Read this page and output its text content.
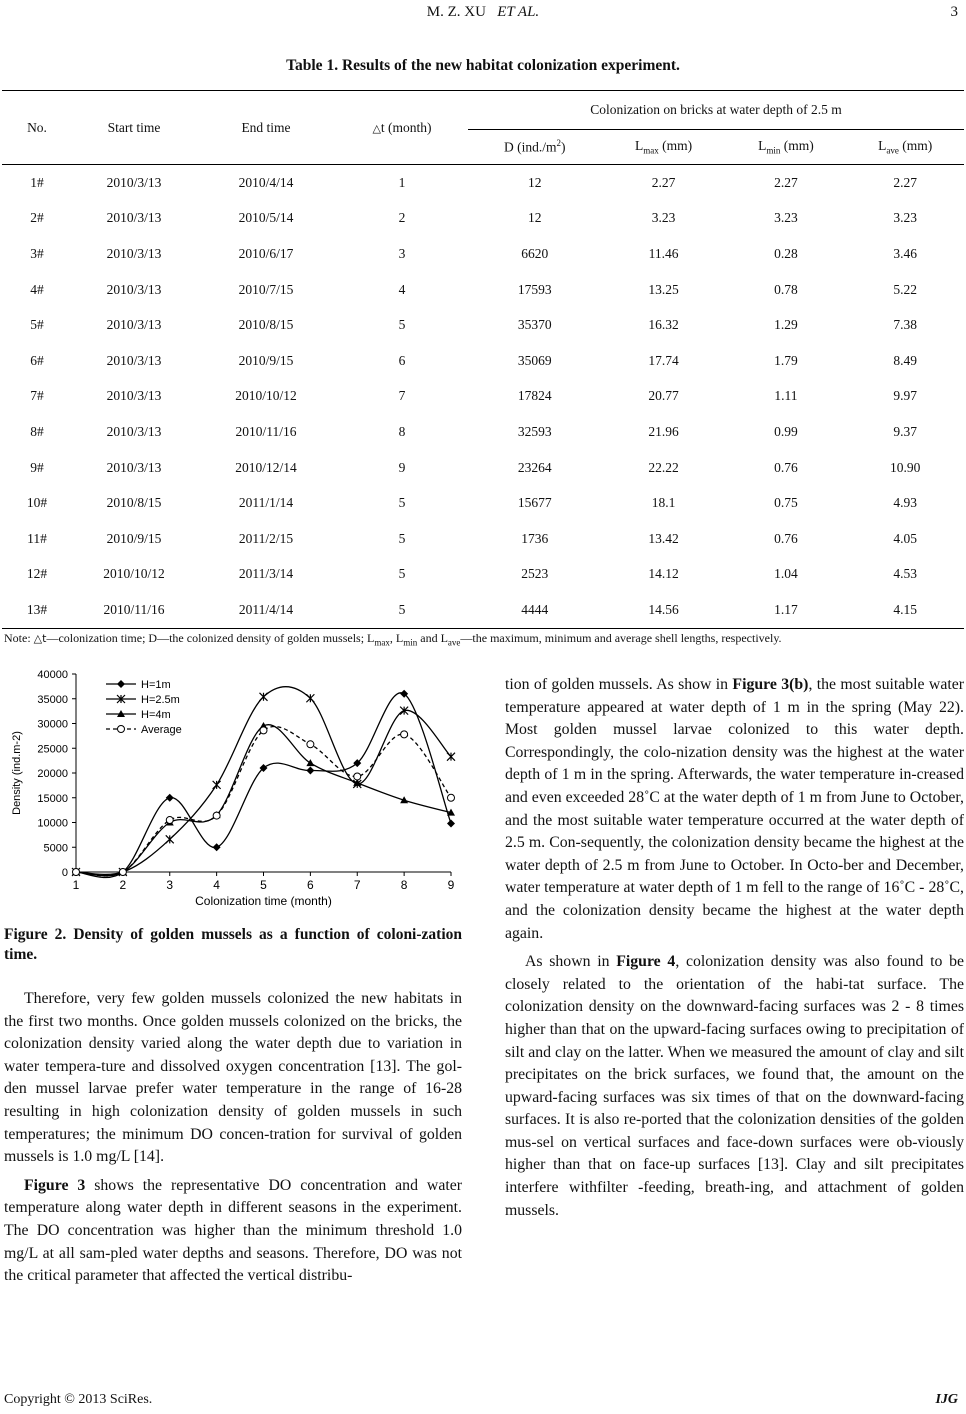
M. Z. XU ET AL.	3
Table 1. Results of the new habitat colonization experiment.
No.	Start time	End time	△t (month)	Colonization on bricks at water depth of 2.5 m			
				D $(ind./m^2)$	$L_{max}$ (mm)	$L_{min}$ (mm)	$L_{ave}$ (mm)
1#	2010/3/13	2010/4/14	1	12	2.27	2.27	2.27
2#	2010/3/13	2010/5/14	2	12	3.23	3.23	3.23
3#	2010/3/13	2010/6/17	3	6620	11.46	0.28	3.46
4#	2010/3/13	2010/7/15	4	17593	13.25	0.78	5.22
5#	2010/3/13	2010/8/15	5	35370	16.32	1.29	7.38
6#	2010/3/13	2010/9/15	6	35069	17.74	1.79	8.49
7#	2010/3/13	2010/10/12	7	17824	20.77	1.11	9.97
8#	2010/3/13	2010/11/16	8	32593	21.96	0.99	9.37
9#	2010/3/13	2010/12/14	9	23264	22.22	0.76	10.90
10#	2010/8/15	2011/1/14	5	15677	18.1	0.75	4.93
11#	2010/9/15	2011/2/15	5	1736	13.42	0.76	4.05
12#	2010/10/12	2011/3/14	5	2523	14.12	1.04	4.53
13#	2010/11/16	2011/4/14	5	4444	14.56	1.17	4.15
Note: △t—colonization time; D—the colonized density of golden mussels; $L_{max}$, $L_{min}$ and $L_{ave}—the$ maximum, minimum and average shell lengths, respectively.
0
5000
10000
15000
20000
25000
30000
35000
40000
1	2	3	4	5	6	7	8	9
Colonization time (month)
Density (ind.m-2)
H=1m
H=2.5m
H=4m
Average
Figure 2. Density of golden mussels as a function of coloni-zation time.

Therefore, very few golden mussels colonized the new habitats in the first two months. Once golden mussels colonized on the bricks, the colonization density varied along the water depth due to variation in water tempera-ture and dissolved oxygen concentration [13]. The gol-den mussel larvae prefer water temperature in the range of 16-28 resulting in high colonization density of golden mussels in such temperatures; the minimum DO concen-tration for survival of golden mussels is 1.0 mg/L [14].

Figure 3 shows the representative DO concentration and water temperature along water depth in different seasons in the experiment. The DO concentration was higher than the minimum threshold 1.0 mg/L at all sam-pled water depths and seasons. Therefore, DO was not the critical parameter that affected the vertical distribu-

tion of golden mussels. As show in Figure 3(b), the most suitable water temperature appeared at water depth of 1 m in the spring (May 22). Most golden mussel larvae colonized to this water depth. Correspondingly, the colo-nization density was the highest at the water depth of 1 m in the spring. Afterwards, the water temperature in-creased and even exceeded 28˚C at the water depth of 1 m from June to October, and the most suitable water temperature occurred at the water depth of 2.5 m. Con-sequently, the colonization density became the highest at the water depth of 2.5 m from June to October. In Octo-ber and December, water temperature at water depth of 1 m fell to the range of 16˚C - 28˚C, and the colonization density became the highest at the water depth again.

As shown in Figure 4, colonization density was also found to be closely related to the orientation of the habi-tat surface. The colonization density on the downward-facing surfaces was 2 - 8 times higher than that on the upward-facing surfaces owing to precipitation of silt and clay on the latter. When we measured the amount of clay and silt precipitates on the brick surfaces, we found that, the amount on the upward-facing surfaces was six times of that on the downward-facing surfaces. It is also re-ported that the colonization densities of the golden mus-sel on vertical surfaces and face-down surfaces were ob-viously higher than that on face-up surfaces [13]. Clay and silt precipitates interfere withfilter -feeding, breath-ing, and attachment of golden mussels.

Copyright © 2013 SciRes.	IJG
